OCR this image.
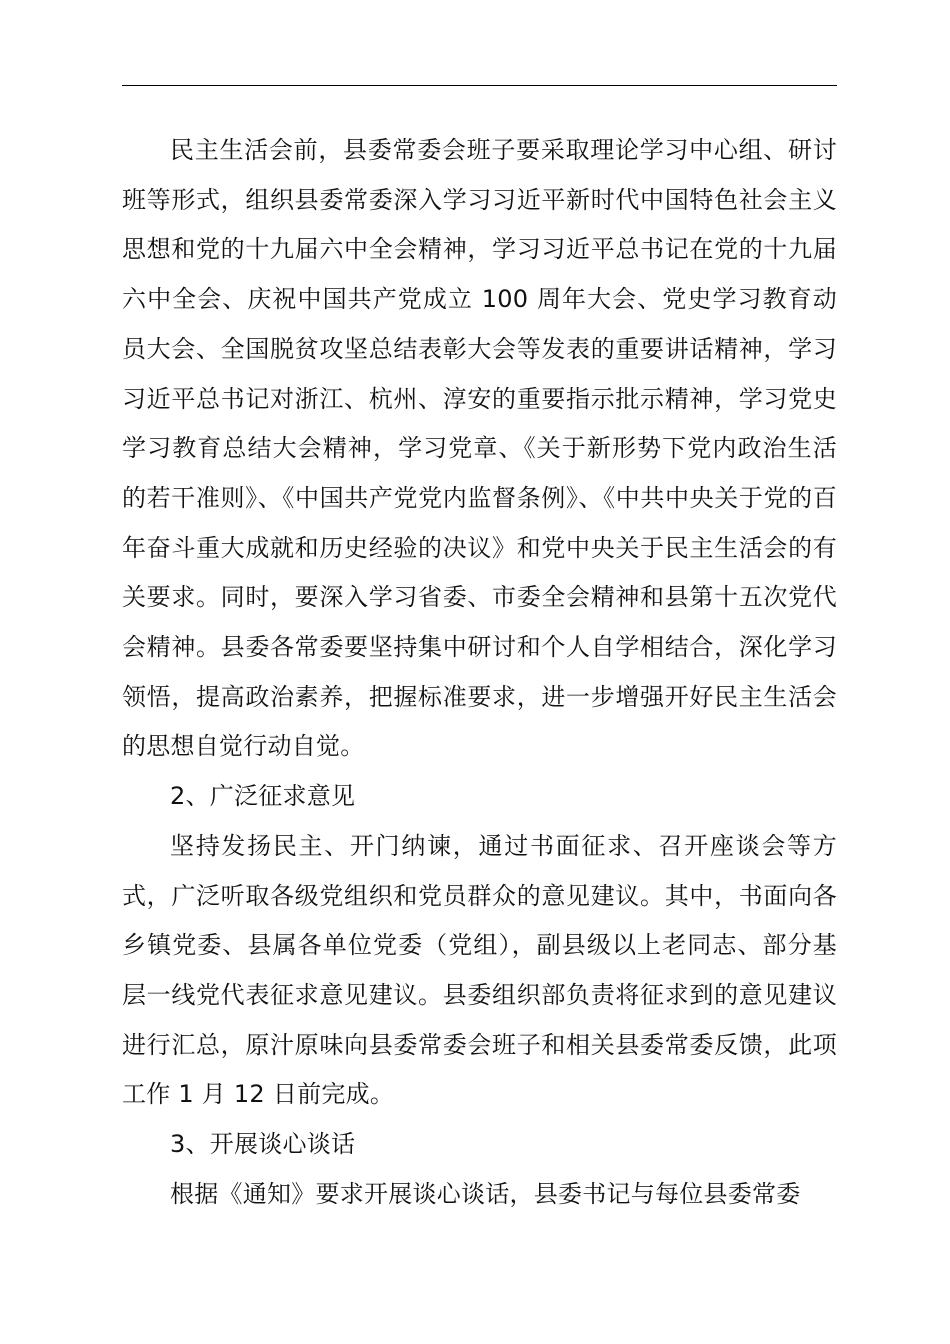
民主生活会前，县委常委会班子要采取理论学习中心组、研讨班等形式，组织县委常委深入学习习近平新时代中国特色社会主义思想和党的十九届六中全会精神，学习习近平总书记在党的十九届六中全会、庆祝中国共产党成立 100 周年大会、党史学习教育动员大会、全国脱贫攻坚总结表彰大会等发表的重要讲话精神，学习习近平总书记对浙江、杭州、淳安的重要指示批示精神，学习党史学习教育总结大会精神，学习党章、《关于新形势下党内政治生活的若干准则》、《中国共产党党内监督条例》、《中共中央关于党的百年奋斗重大成就和历史经验的决议》和党中央关于民主生活会的有关要求。同时，要深入学习省委、市委全会精神和县第十五次党代会精神。县委各常委要坚持集中研讨和个人自学相结合，深化学习领悟，提高政治素养，把握标准要求，进一步增强开好民主生活会的思想自觉行动自觉。

2、广泛征求意见

坚持发扬民主、开门纳谏，通过书面征求、召开座谈会等方式，广泛听取各级党组织和党员群众的意见建议。其中，书面向各乡镇党委、县属各单位党委（党组），副县级以上老同志、部分基层一线党代表征求意见建议。县委组织部负责将征求到的意见建议进行汇总，原汁原味向县委常委会班子和相关县委常委反馈，此项工作 1 月 12 日前完成。

3、开展谈心谈话

根据《通知》要求开展谈心谈话，县委书记与每位县委常委
